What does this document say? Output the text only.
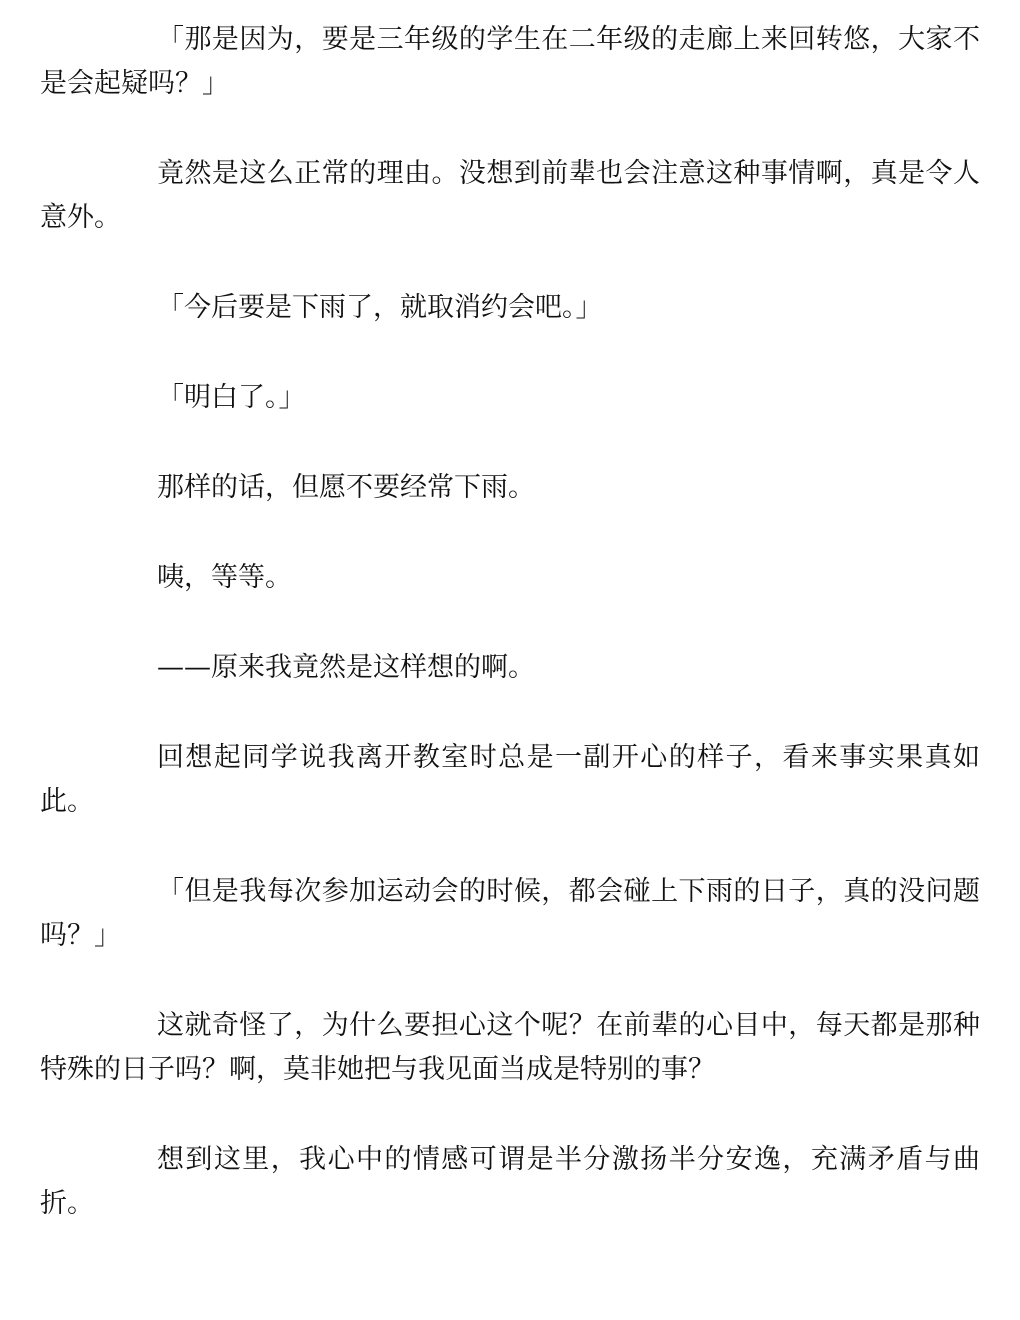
「那是因为，要是三年级的学生在二年级的走廊上来回转悠，大家不是会起疑吗？」

竟然是这么正常的理由。没想到前辈也会注意这种事情啊，真是令人意外。

「今后要是下雨了，就取消约会吧。」

「明白了。」

那样的话，但愿不要经常下雨。

咦，等等。

——原来我竟然是这样想的啊。

回想起同学说我离开教室时总是一副开心的样子，看来事实果真如此。

「但是我每次参加运动会的时候，都会碰上下雨的日子，真的没问题吗？」

这就奇怪了，为什么要担心这个呢？在前辈的心目中，每天都是那种特殊的日子吗？啊，莫非她把与我见面当成是特别的事？

想到这里，我心中的情感可谓是半分激扬半分安逸，充满矛盾与曲折。
